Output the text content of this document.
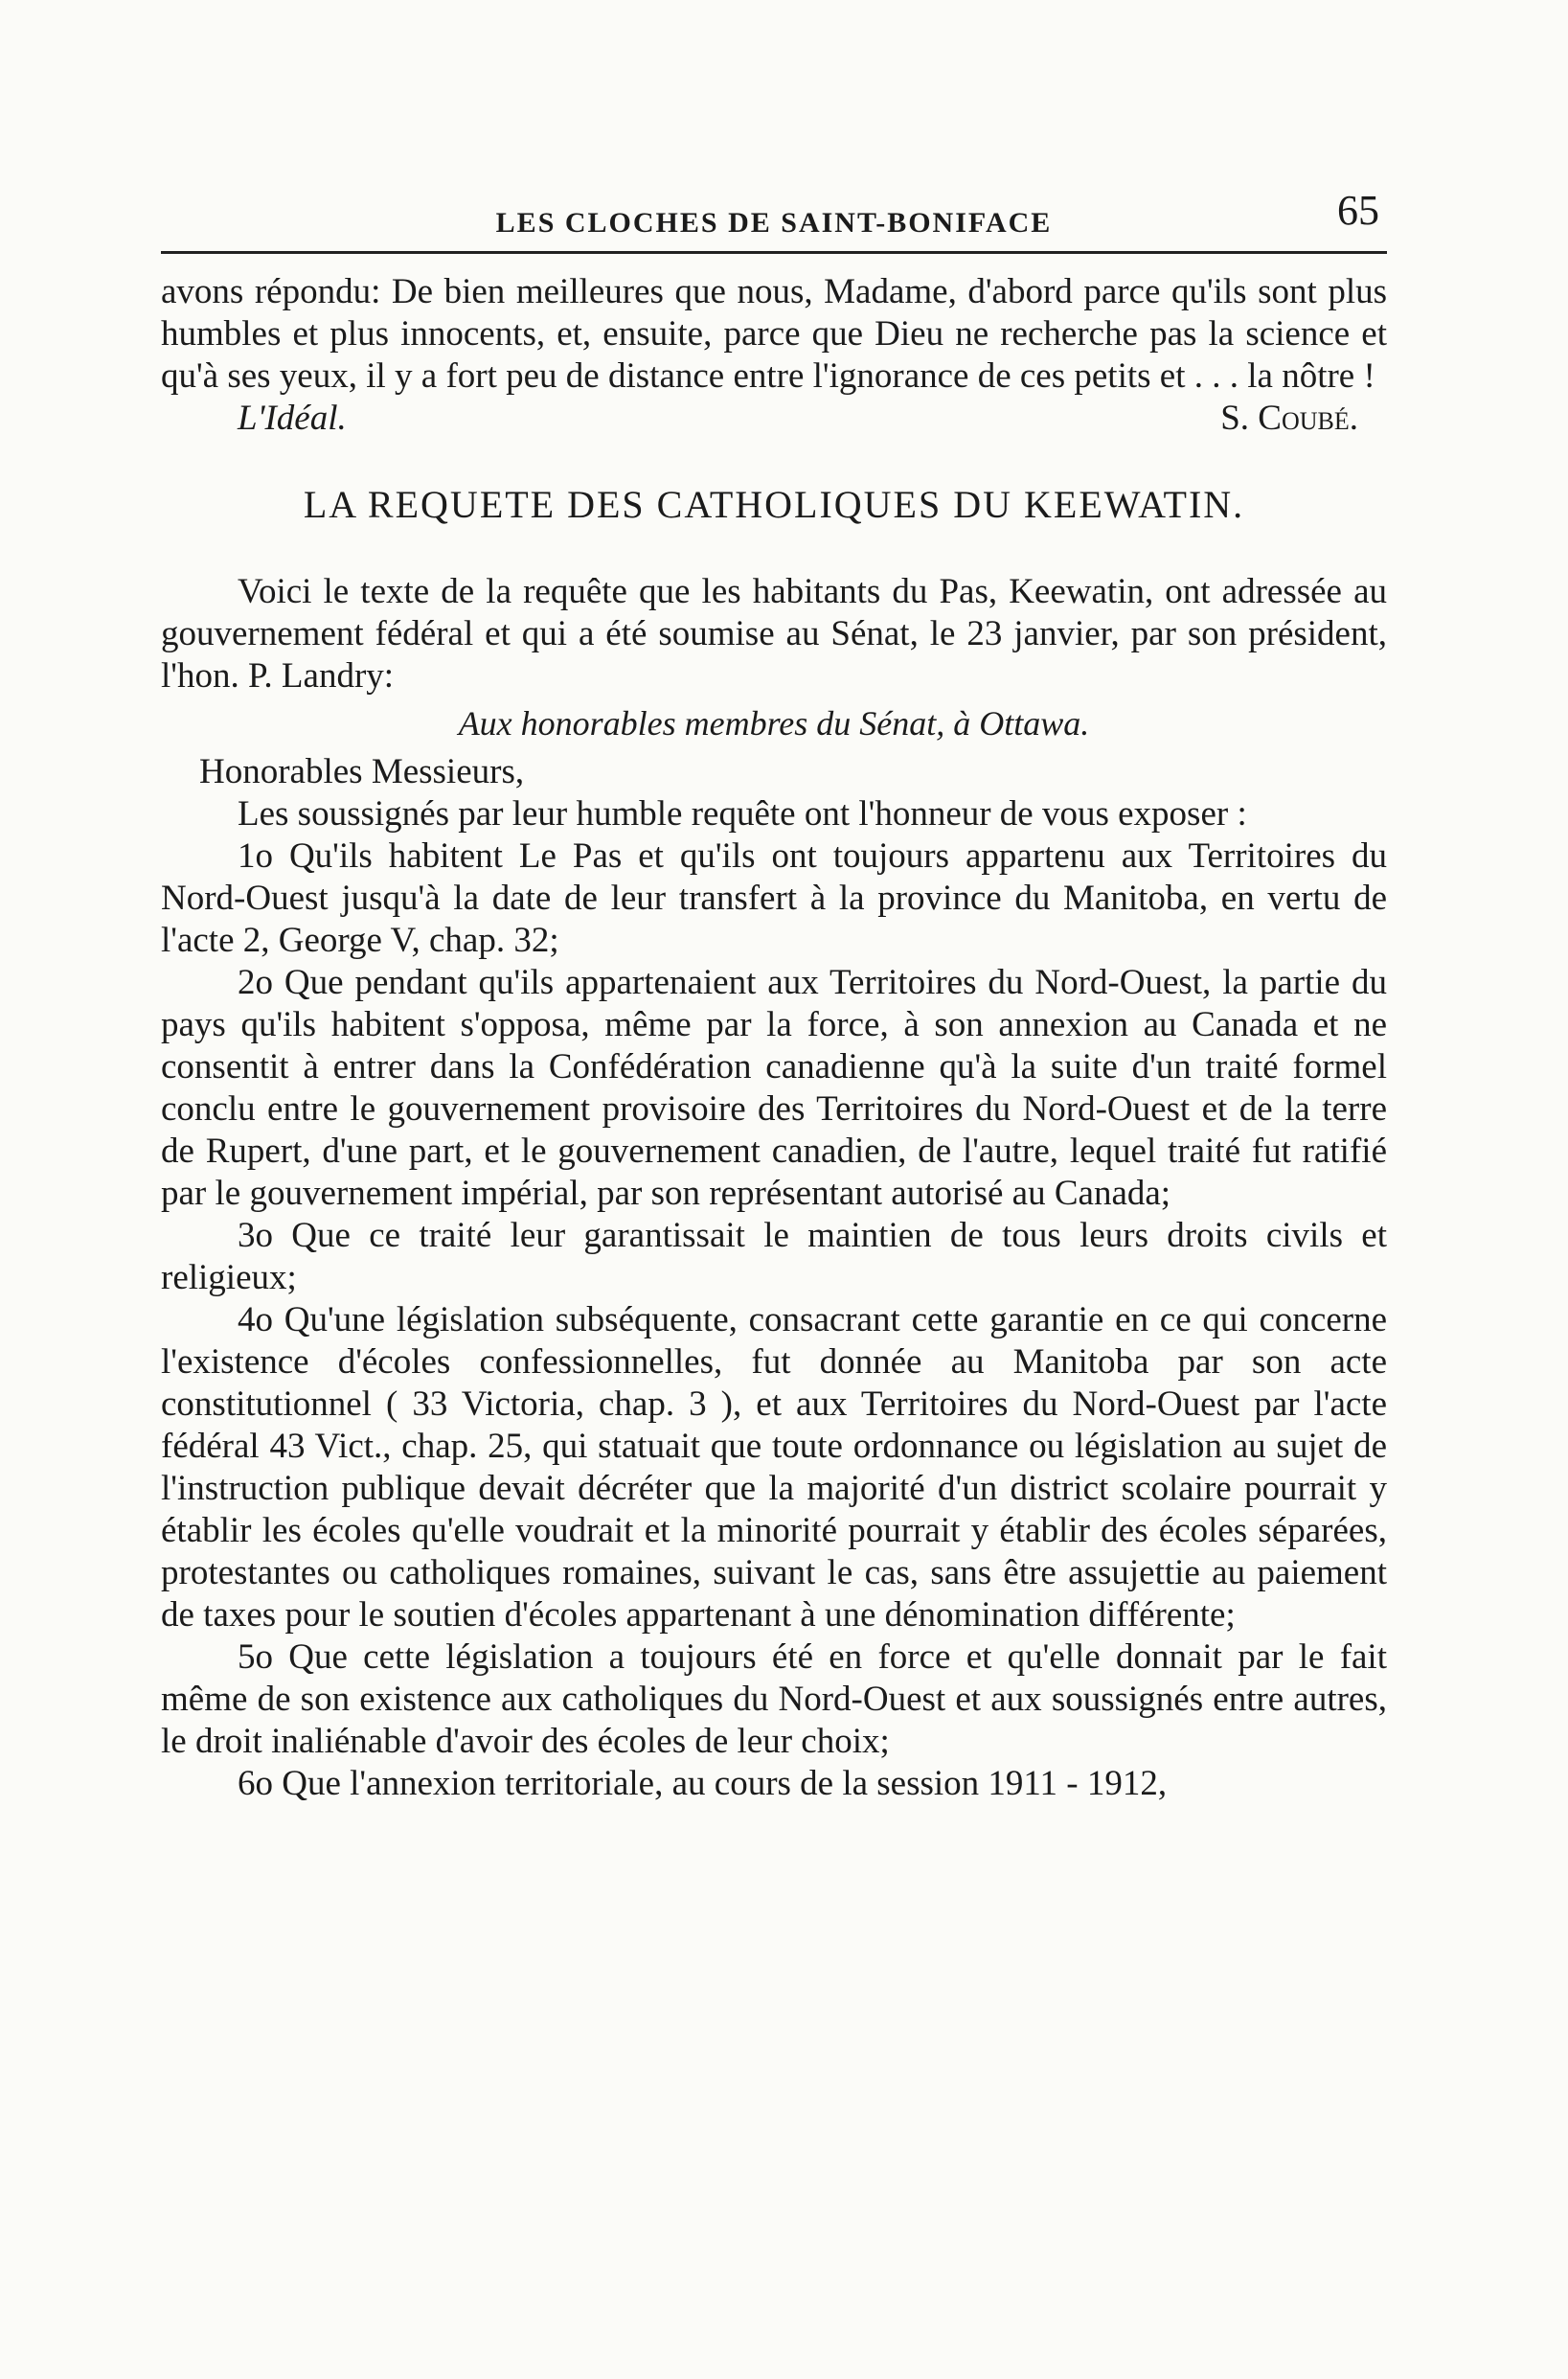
LES CLOCHES DE SAINT-BONIFACE	65

avons répondu: De bien meilleures que nous, Madame, d'abord parce qu'ils sont plus humbles et plus innocents, et, ensuite, parce que Dieu ne recherche pas la science et qu'à ses yeux, il y a fort peu de distance entre l'ignorance de ces petits et . . . la nôtre !

L'Idéal.	S. Coubé.
LA REQUETE DES CATHOLIQUES DU KEEWATIN.

Voici le texte de la requête que les habitants du Pas, Keewatin, ont adressée au gouvernement fédéral et qui a été soumise au Sénat, le 23 janvier, par son président, l'hon. P. Landry:

Aux honorables membres du Sénat, à Ottawa.

Honorables Messieurs,

Les soussignés par leur humble requête ont l'honneur de vous exposer :

1o Qu'ils habitent Le Pas et qu'ils ont toujours appartenu aux Territoires du Nord-Ouest jusqu'à la date de leur transfert à la province du Manitoba, en vertu de l'acte 2, George V, chap. 32;

2o Que pendant qu'ils appartenaient aux Territoires du Nord-Ouest, la partie du pays qu'ils habitent s'opposa, même par la force, à son annexion au Canada et ne consentit à entrer dans la Confédération canadienne qu'à la suite d'un traité formel conclu entre le gouvernement provisoire des Territoires du Nord-Ouest et de la terre de Rupert, d'une part, et le gouvernement canadien, de l'autre, lequel traité fut ratifié par le gouvernement impérial, par son représentant autorisé au Canada;

3o Que ce traité leur garantissait le maintien de tous leurs droits civils et religieux;

4o Qu'une législation subséquente, consacrant cette garantie en ce qui concerne l'existence d'écoles confessionnelles, fut donnée au Manitoba par son acte constitutionnel ( 33 Victoria, chap. 3 ), et aux Territoires du Nord-Ouest par l'acte fédéral 43 Vict., chap. 25, qui statuait que toute ordonnance ou législation au sujet de l'instruction publique devait décréter que la majorité d'un district scolaire pourrait y établir les écoles qu'elle voudrait et la minorité pourrait y établir des écoles séparées, protestantes ou catholiques romaines, suivant le cas, sans être assujettie au paiement de taxes pour le soutien d'écoles appartenant à une dénomination différente;

5o Que cette législation a toujours été en force et qu'elle donnait par le fait même de son existence aux catholiques du Nord-Ouest et aux soussignés entre autres, le droit inaliénable d'avoir des écoles de leur choix;

6o Que l'annexion territoriale, au cours de la session 1911 - 1912,
